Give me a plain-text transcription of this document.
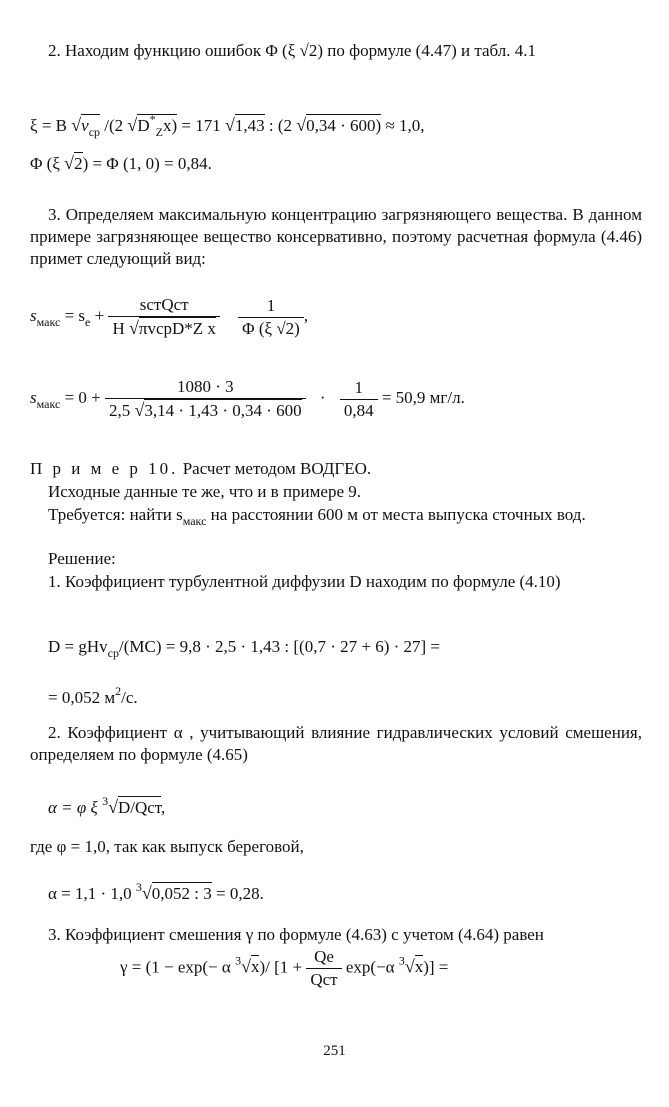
2. Находим функцию ошибок Φ (ξ √2) по формуле (4.47) и табл. 4.1
ξ = B $√v_{ср}$ /(2 $√D^*_Zx) = 171$ √1,43 : (2 √0,34 · 600) ≈ 1,0,
Φ (ξ √2) = Φ (1, 0) = 0,84.
3. Определяем максимальную концентрацию загрязняющего вещества. В данном примере загрязняющее вещество консервативно, поэтому расчетная формула (4.46) примет следующий вид:
$s_{макс} = s_e + \frac{\text{sстQст}}{\text{H √πvсрD*Z x}}$
$\frac{1}{\Phi (\xi √2)}$ ,
$s_{макс} = 0 + \frac{1080 \cdot 3}{2,5 √3,14 \cdot 1,43 \cdot 0,34 \cdot 600} \cdot \frac{1}{0,84} = 50,9$ мг/л.
П р и м е р 10. Расчет методом ВОДГЕО.
Исходные данные те же, что и в примере 9.
Требуется: найти $s_{макс}$ на расстоянии 600 м от места выпуска сточных вод.
Решение:
1. Коэффициент турбулентной диффузии D находим по формуле (4.10)
D = gHv$_{ср}$/(MC) = 9,8 · 2,5 · 1,43 : [(0,7 · 27 + 6) · 27] =
= 0,052 $м^2/с$.
2. Коэффициент α , учитывающий влияние гидравлических условий смешения, определяем по формуле (4.65)
α = φ ξ $^3$√D/Qст,
где φ = 1,0, так как выпуск береговой,
α = 1,1 · 1,0 $^3$√0,052 : 3 = 0,28.
3. Коэффициент смешения γ по формуле (4.63) с учетом (4.64) равен
γ = (1 − exp(− α $^3$√x)/ [$1 + \frac{Qe}{\text{Qст}} \exp(-\alpha$ $^3$√x)] =
251
